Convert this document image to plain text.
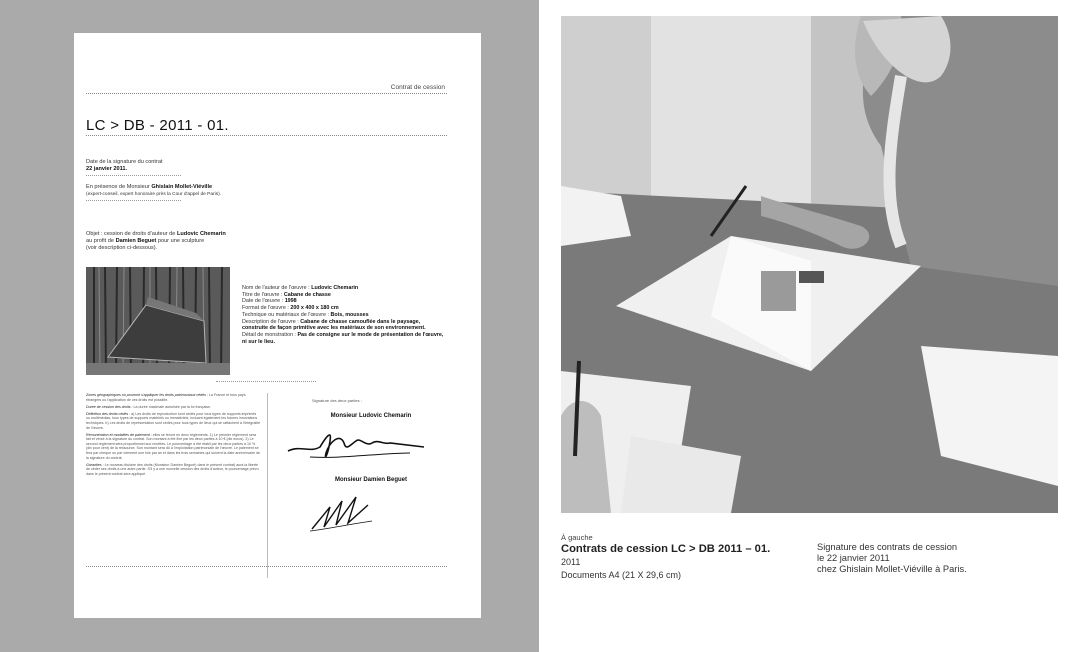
Contrat de cession
LC > DB - 2011 - 01.
Date de la signature du contrat
22 janvier 2011.
En présence de Monsieur Ghislain Mollet-Viéville
(expert-conseil, expert honoraire près la Cour d'appel de Paris).
Objet : cession de droits d'auteur de Ludovic Chemarin
au profit de Damien Beguet pour une sculpture
(voir description ci-dessous).
Nom de l'auteur de l'œuvre : Ludovic Chemarin
Titre de l'œuvre : Cabane de chasse
Date de l'œuvre : 1998
Format de l'œuvre : 200 x 400 x 180 cm
Technique ou matériaux de l'œuvre : Bois, mousses
Description de l'œuvre : Cabane de chasse camouflée dans le paysage, construite de façon primitive avec les matériaux de son environnement.
Détail de monstration : Pas de consigne sur le mode de présentation de l'œuvre, ni sur le lieu.

Zones géographiques où pourront s'appliquer les droits patrimoniaux cédés : La France et tous pays étrangers où l'application de ces droits est possible.

Durée de cession des droits : La durée maximale autorisée par la loi française.

Définition des droits cédés : a) Les droits de reproduction sont cédés pour tous types de supports imprimés ou multimédias, tous types de supports matériels ou immatériels, incluant également les futures innovations techniques. b) Les droits de représentation sont cédés pour tous types de lieux qui se rattachent à l'intégralité de l'œuvre.

Rémunération et modalités de paiement : elles se feront en deux règlements. 1) Le premier règlement sera fait et versé à la signature du contrat. Son montant a été fixé par les deux parties à 10 € (dix euros). 2) Le second règlement sera proportionnel aux recettes. Le pourcentage a été établi par les deux parties à 10 % (dix pour cent) de la ressource. Son montant sera dû à l'exploitation patrimoniale de l'œuvre. Le paiement se fera par chèque ou par virement une fois par an et dans les trois semaines qui suivent la date anniversaire de la signature du contrat.

Garanties : Le nouveau titulaire des droits (Monsieur Damien Beguet) dans le présent contrat) aura la liberté de céder ses droits à une autre partie. S'il y a une nouvelle cession des droits d'auteur, le pourcentage prévu dans le présent contrat sera appliqué.

Signature des deux parties :
Monsieur Ludovic Chemarin
Monsieur Damien Beguet
À gauche
Contrats de cession LC > DB 2011 – 01.
2011
Documents A4 (21 X 29,6 cm)
Signature des contrats de cession
le 22 janvier 2011
chez Ghislain Mollet-Viéville à Paris.
